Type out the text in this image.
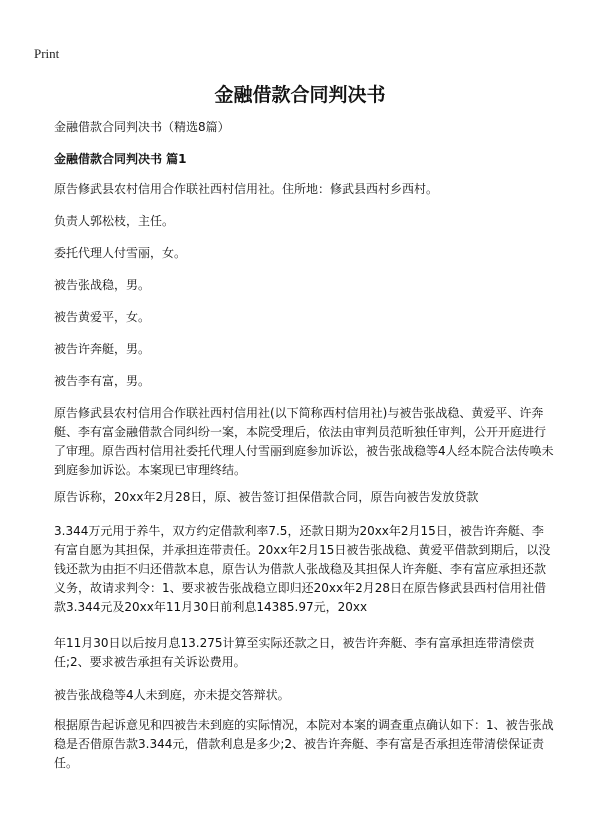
Print
金融借款合同判决书

金融借款合同判决书（精选8篇）

金融借款合同判决书 篇1

原告修武县农村信用合作联社西村信用社。住所地：修武县西村乡西村。

负责人郭松枝，主任。

委托代理人付雪丽，女。

被告张战稳，男。

被告黄爱平，女。

被告许奔艇，男。

被告李有富，男。

原告修武县农村信用合作联社西村信用社(以下简称西村信用社)与被告张战稳、黄爱平、许奔艇、李有富金融借款合同纠纷一案，本院受理后，依法由审判员范昕独任审判，公开开庭进行了审理。原告西村信用社委托代理人付雪丽到庭参加诉讼，被告张战稳等4人经本院合法传唤未到庭参加诉讼。本案现已审理终结。

原告诉称，20xx年2月28日，原、被告签订担保借款合同，原告向被告发放贷款

3.344万元用于养牛，双方约定借款利率7.5，还款日期为20xx年2月15日，被告许奔艇、李有富自愿为其担保，并承担连带责任。20xx年2月15日被告张战稳、黄爱平借款到期后，以没钱还款为由拒不归还借款本息，原告认为借款人张战稳及其担保人许奔艇、李有富应承担还款义务，故请求判令：1、要求被告张战稳立即归还20xx年2月28日在原告修武县西村信用社借款3.344元及20xx年11月30日前利息14385.97元，20xx

年11月30日以后按月息13.275计算至实际还款之日，被告许奔艇、李有富承担连带清偿责任;2、要求被告承担有关诉讼费用。

被告张战稳等4人未到庭，亦未提交答辩状。

根据原告起诉意见和四被告未到庭的实际情况，本院对本案的调查重点确认如下：1、被告张战稳是否借原告款3.344元，借款利息是多少;2、被告许奔艇、李有富是否承担连带清偿保证责任。
